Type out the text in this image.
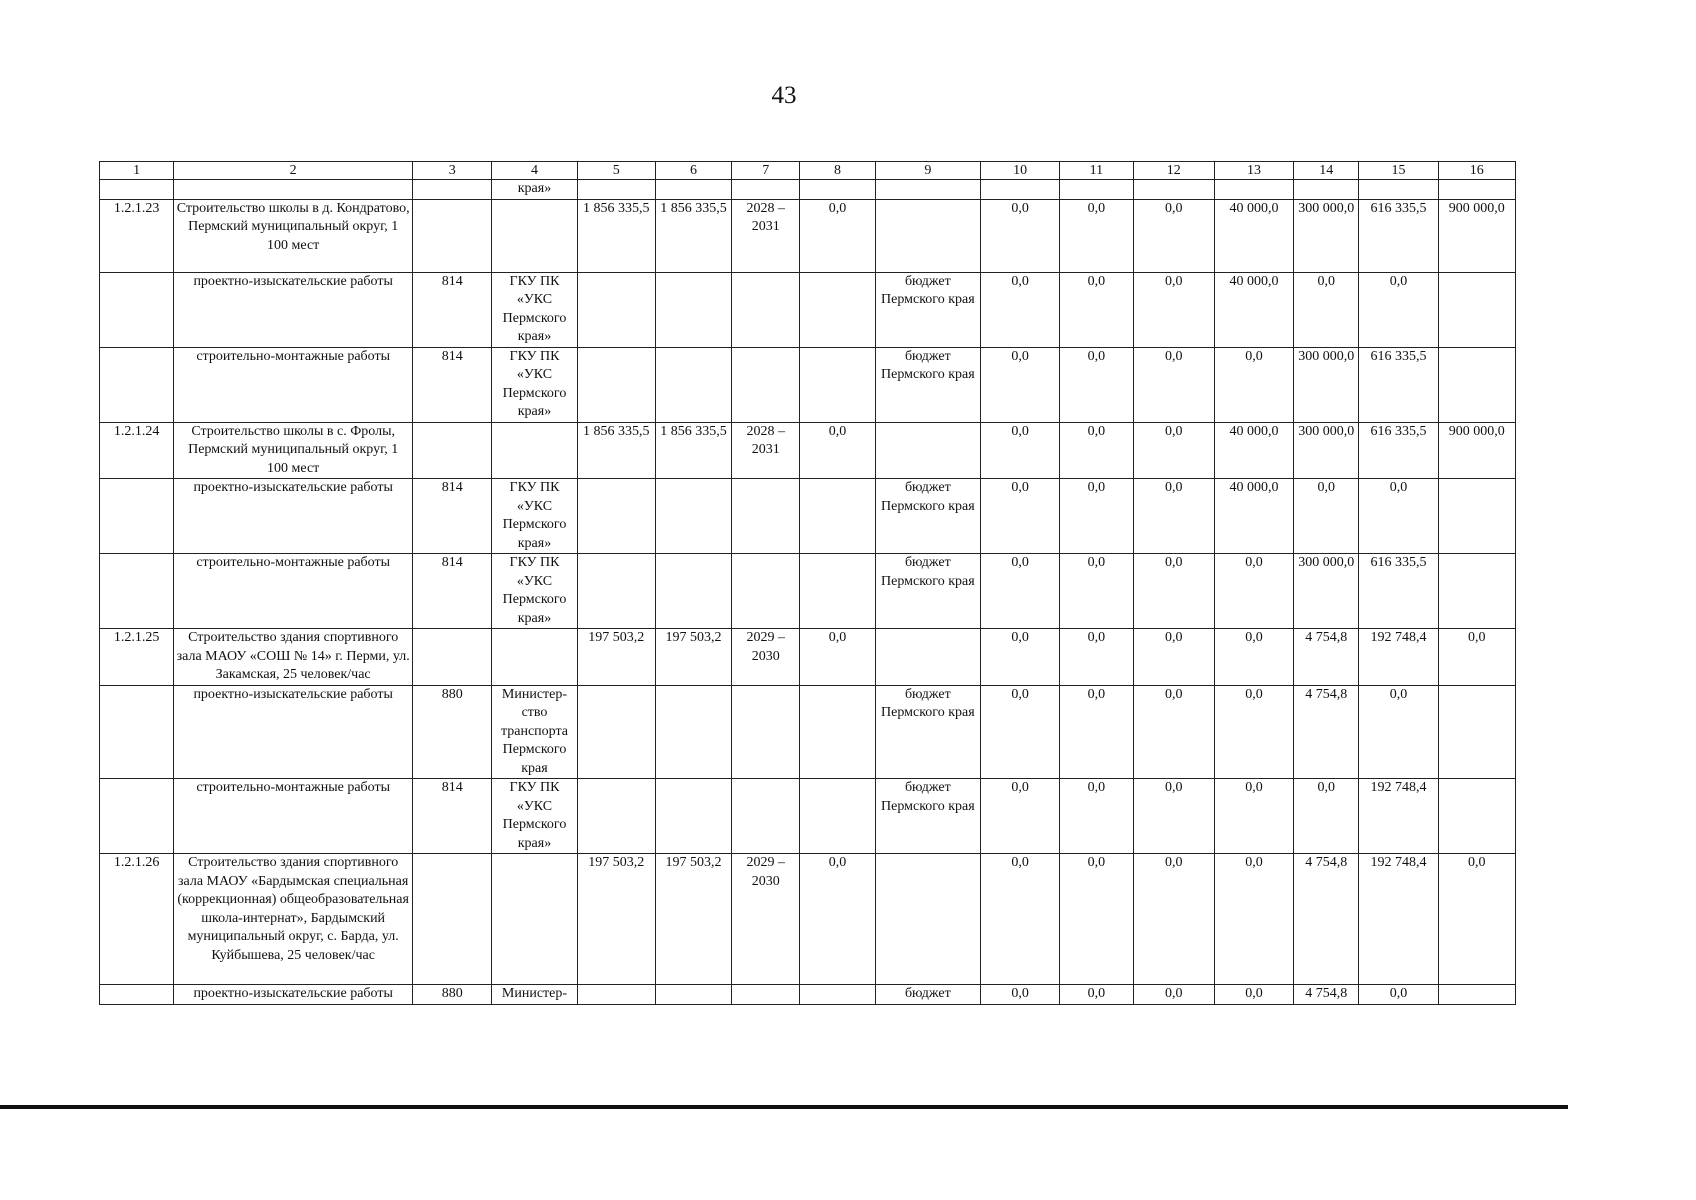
43
1	2	3	4	5	6	7	8	9	10	11	12	13	14	15	16
			края»												
1.2.1.23	Строительство школы в д. Кондратово, Пермский муниципальный округ, 1 100 мест			1 856 335,5	1 856 335,5	2028 – 2031	0,0		0,0	0,0	0,0	40 000,0	300 000,0	616 335,5	900 000,0
	проектно-изыскательские работы	814	ГКУ ПК «УКС Пермского края»					бюджет Пермского края	0,0	0,0	0,0	40 000,0	0,0	0,0	
	строительно-монтажные работы	814	ГКУ ПК «УКС Пермского края»					бюджет Пермского края	0,0	0,0	0,0	0,0	300 000,0	616 335,5	
1.2.1.24	Строительство школы в с. Фролы, Пермский муниципальный округ, 1 100 мест			1 856 335,5	1 856 335,5	2028 – 2031	0,0		0,0	0,0	0,0	40 000,0	300 000,0	616 335,5	900 000,0
	проектно-изыскательские работы	814	ГКУ ПК «УКС Пермского края»					бюджет Пермского края	0,0	0,0	0,0	40 000,0	0,0	0,0	
	строительно-монтажные работы	814	ГКУ ПК «УКС Пермского края»					бюджет Пермского края	0,0	0,0	0,0	0,0	300 000,0	616 335,5	
1.2.1.25	Строительство здания спортивного зала МАОУ «СОШ № 14» г. Перми, ул. Закамская, 25 человек/час			197 503,2	197 503,2	2029 – 2030	0,0		0,0	0,0	0,0	0,0	4 754,8	192 748,4	0,0
	проектно-изыскательские работы	880	Министер-ство транспорта Пермского края					бюджет Пермского края	0,0	0,0	0,0	0,0	4 754,8	0,0	
	строительно-монтажные работы	814	ГКУ ПК «УКС Пермского края»					бюджет Пермского края	0,0	0,0	0,0	0,0	0,0	192 748,4	
1.2.1.26	Строительство здания спортивного зала МАОУ «Бардымская специальная (коррекционная) общеобразовательная школа-интернат», Бардымский муниципальный округ, с. Барда, ул. Куйбышева, 25 человек/час			197 503,2	197 503,2	2029 – 2030	0,0		0,0	0,0	0,0	0,0	4 754,8	192 748,4	0,0
	проектно-изыскательские работы	880	Министер-					бюджет	0,0	0,0	0,0	0,0	4 754,8	0,0	
